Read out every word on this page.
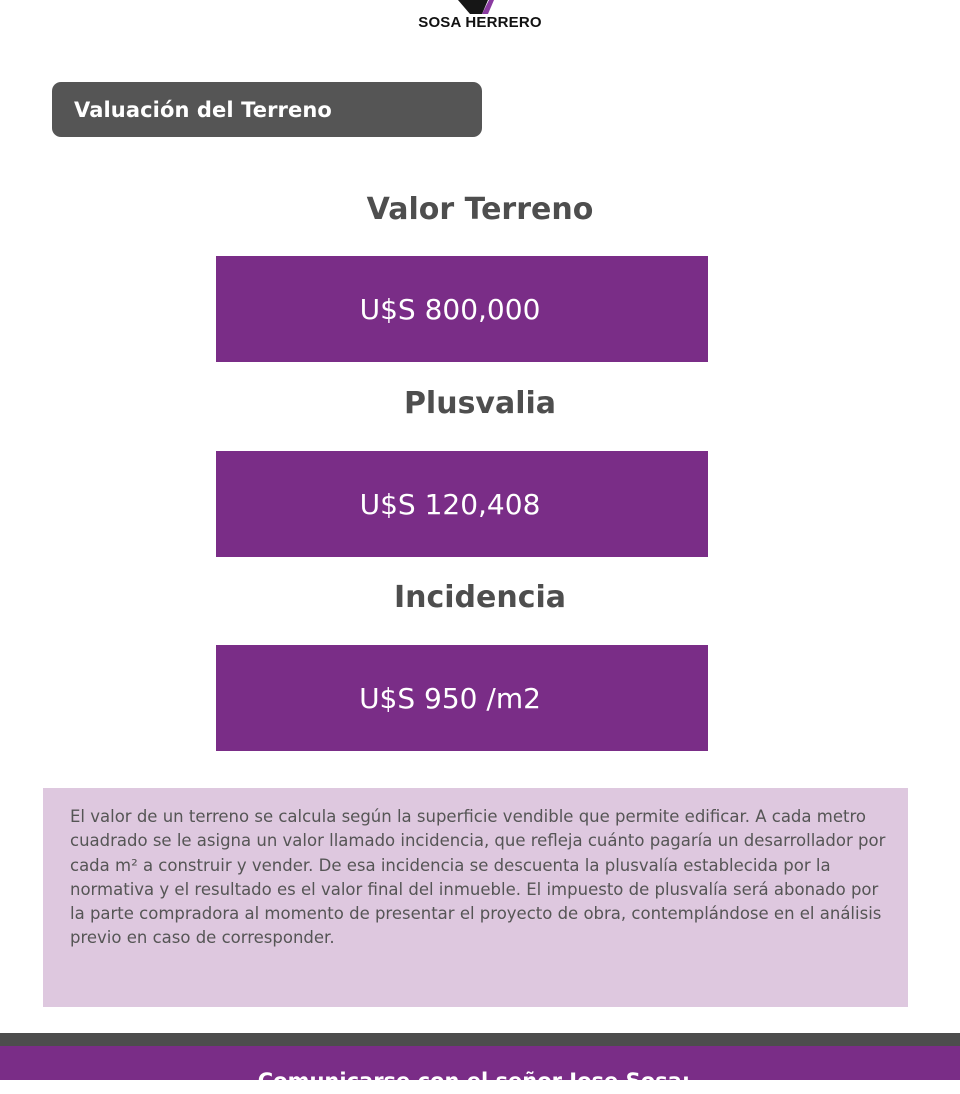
SOSA HERRERO
Valuación del Terreno
Valor Terreno
U$S 800,000
Plusvalia
U$S 120,408
Incidencia
U$S 950 /m2

El valor de un terreno se calcula según la superficie vendible que permite edificar. A cada metro cuadrado se le asigna un valor llamado incidencia, que refleja cuánto pagaría un desarrollador por cada m² a construir y vender. De esa incidencia se descuenta la plusvalía establecida por la normativa y el resultado es el valor final del inmueble. El impuesto de plusvalía será abonado por la parte compradora al momento de presentar el proyecto de obra, contemplándose en el análisis previo en caso de corresponder.

Comunicarse con el señor Jose Sosa:
